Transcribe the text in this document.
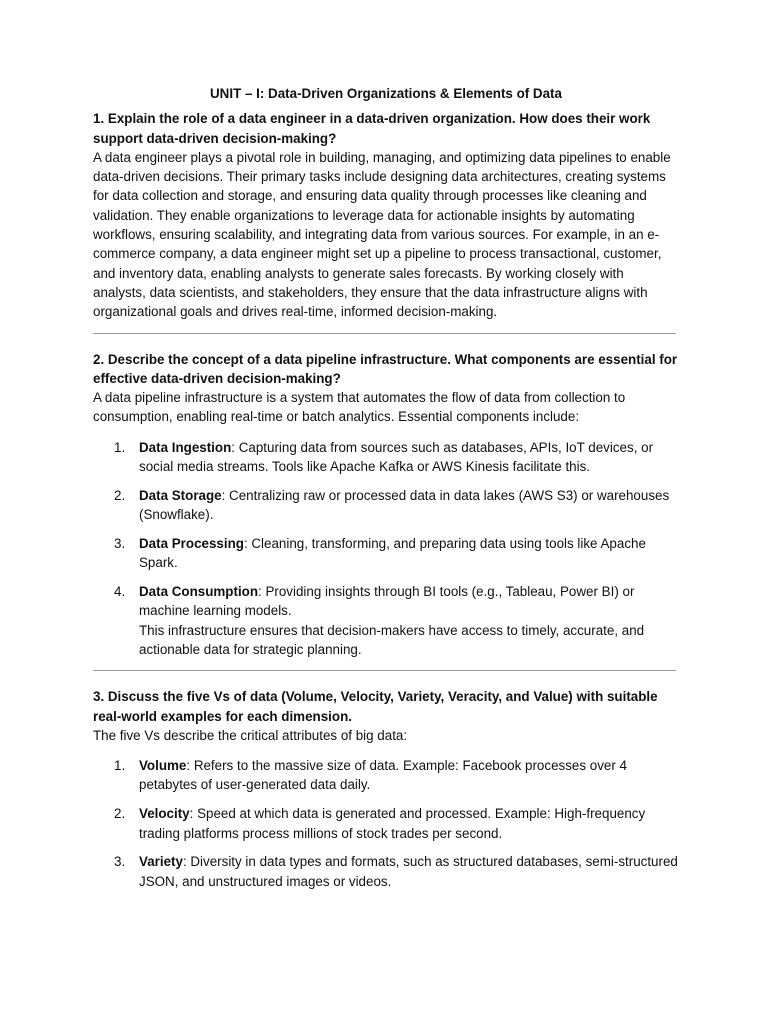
UNIT – I: Data-Driven Organizations & Elements of Data

1. Explain the role of a data engineer in a data-driven organization. How does their work support data-driven decision-making?

A data engineer plays a pivotal role in building, managing, and optimizing data pipelines to enable data-driven decisions. Their primary tasks include designing data architectures, creating systems for data collection and storage, and ensuring data quality through processes like cleaning and validation. They enable organizations to leverage data for actionable insights by automating workflows, ensuring scalability, and integrating data from various sources. For example, in an e-commerce company, a data engineer might set up a pipeline to process transactional, customer, and inventory data, enabling analysts to generate sales forecasts. By working closely with analysts, data scientists, and stakeholders, they ensure that the data infrastructure aligns with organizational goals and drives real-time, informed decision-making.

2. Describe the concept of a data pipeline infrastructure. What components are essential for effective data-driven decision-making?

A data pipeline infrastructure is a system that automates the flow of data from collection to consumption, enabling real-time or batch analytics. Essential components include:

1. Data Ingestion: Capturing data from sources such as databases, APIs, IoT devices, or social media streams. Tools like Apache Kafka or AWS Kinesis facilitate this.
2. Data Storage: Centralizing raw or processed data in data lakes (AWS S3) or warehouses (Snowflake).
3. Data Processing: Cleaning, transforming, and preparing data using tools like Apache Spark.
4. Data Consumption: Providing insights through BI tools (e.g., Tableau, Power BI) or machine learning models.
This infrastructure ensures that decision-makers have access to timely, accurate, and actionable data for strategic planning.

3. Discuss the five Vs of data (Volume, Velocity, Variety, Veracity, and Value) with suitable real-world examples for each dimension.

The five Vs describe the critical attributes of big data:

1. Volume: Refers to the massive size of data. Example: Facebook processes over 4 petabytes of user-generated data daily.
2. Velocity: Speed at which data is generated and processed. Example: High-frequency trading platforms process millions of stock trades per second.
3. Variety: Diversity in data types and formats, such as structured databases, semi-structured JSON, and unstructured images or videos.
